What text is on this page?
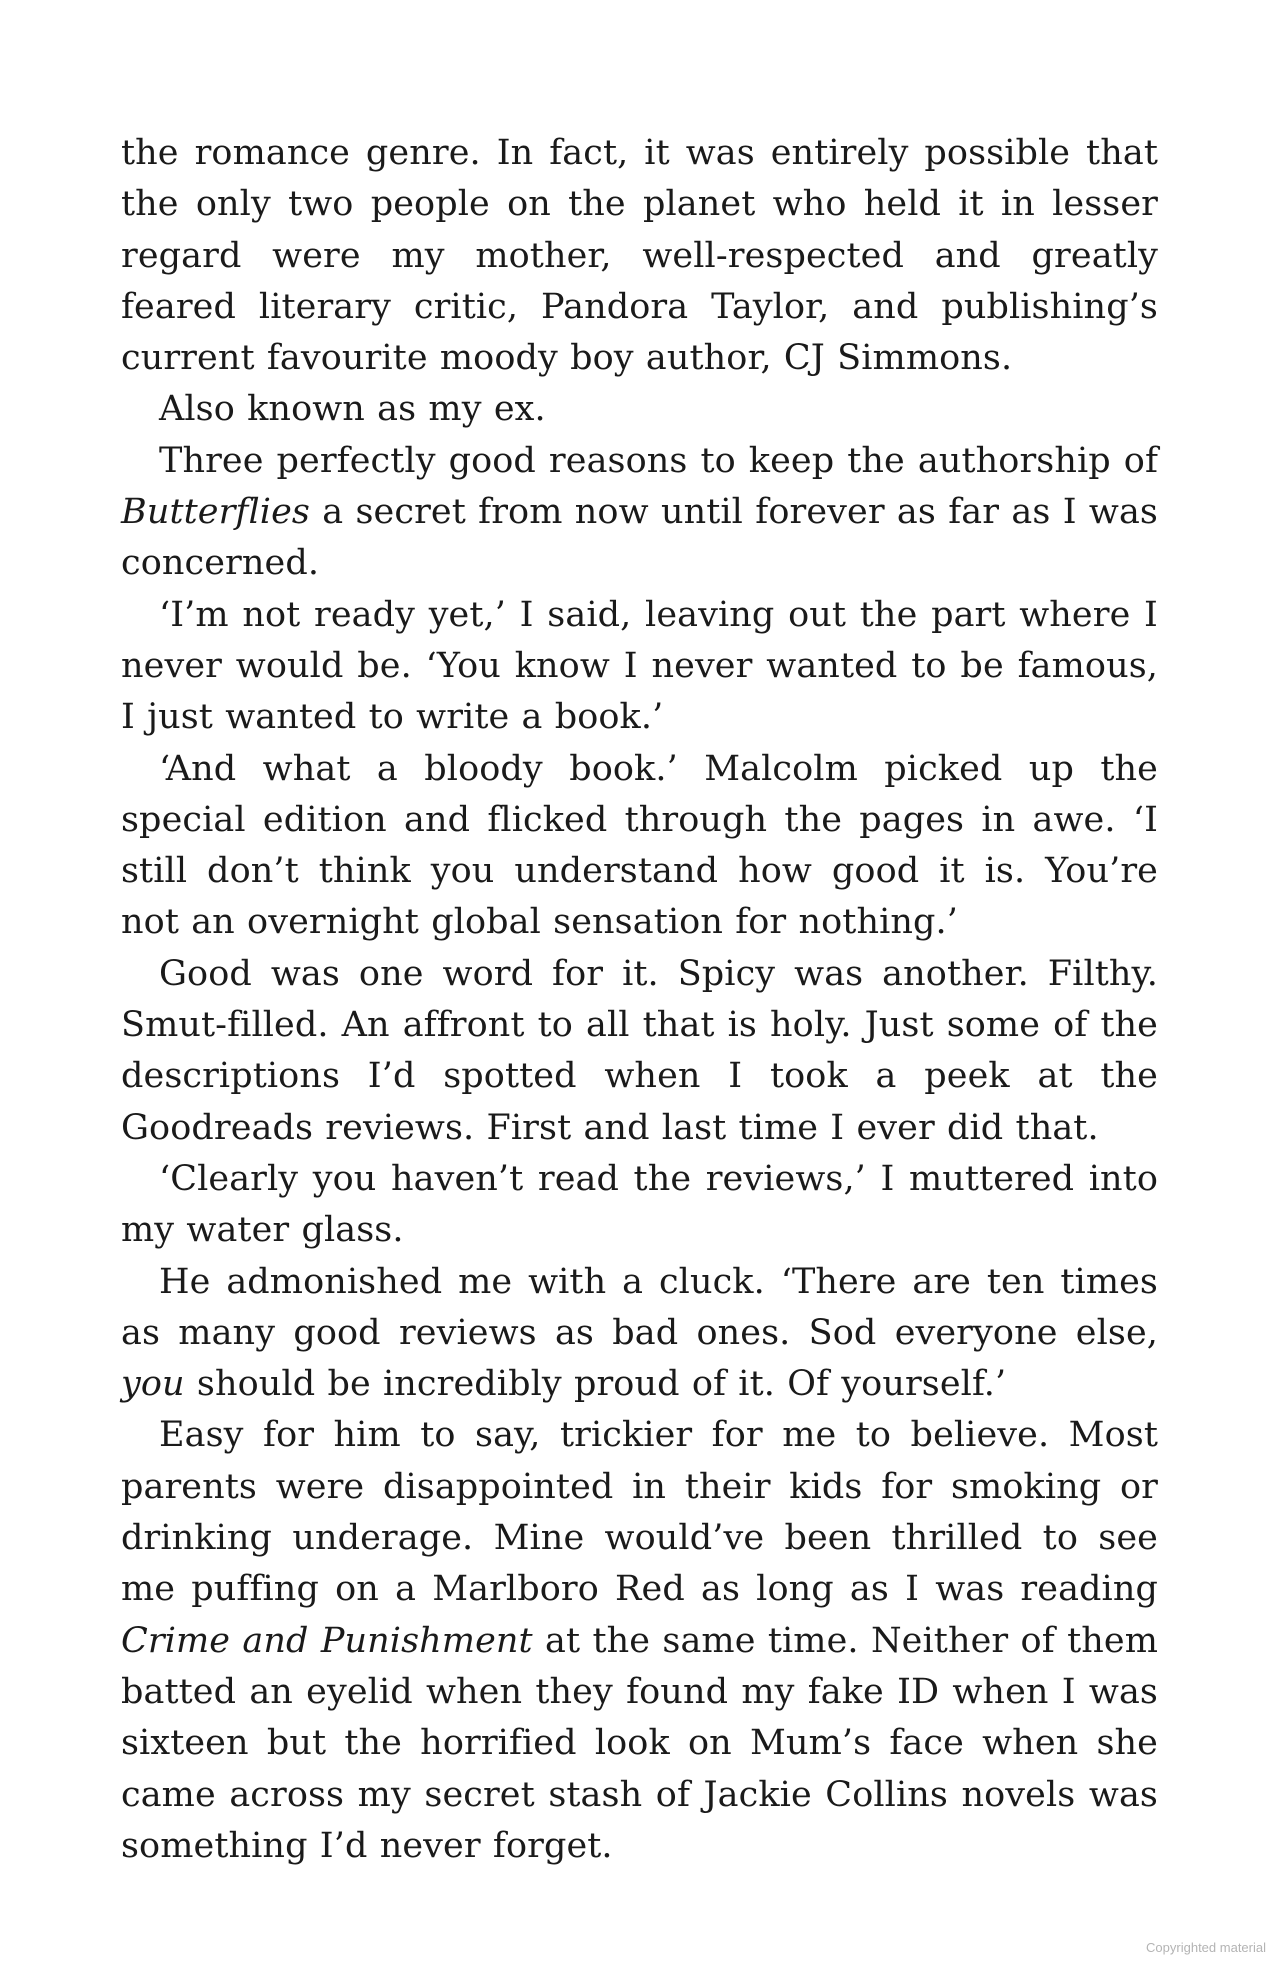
the romance genre. In fact, it was entirely possible that the only two people on the planet who held it in lesser regard were my mother, well-respected and greatly feared literary critic, Pandora Taylor, and publishing’s current favourite moody boy author, CJ Simmons.

Also known as my ex.

Three perfectly good reasons to keep the authorship of Butterflies a secret from now until forever as far as I was concerned.

‘I’m not ready yet,’ I said, leaving out the part where I never would be. ‘You know I never wanted to be famous, I just wanted to write a book.’

‘And what a bloody book.’ Malcolm picked up the special edition and flicked through the pages in awe. ‘I still don’t think you understand how good it is. You’re not an overnight global sensation for nothing.’

Good was one word for it. Spicy was another. Filthy. Smut-filled. An affront to all that is holy. Just some of the descriptions I’d spotted when I took a peek at the Goodreads reviews. First and last time I ever did that.

‘Clearly you haven’t read the reviews,’ I muttered into my water glass.

He admonished me with a cluck. ‘There are ten times as many good reviews as bad ones. Sod everyone else, you should be incredibly proud of it. Of yourself.’

Easy for him to say, trickier for me to believe. Most parents were disappointed in their kids for smoking or drinking underage. Mine would’ve been thrilled to see me puffing on a Marlboro Red as long as I was reading Crime and Punishment at the same time. Neither of them batted an eyelid when they found my fake ID when I was sixteen but the horrified look on Mum’s face when she came across my secret stash of Jackie Collins novels was something I’d never forget.

Copyrighted material
